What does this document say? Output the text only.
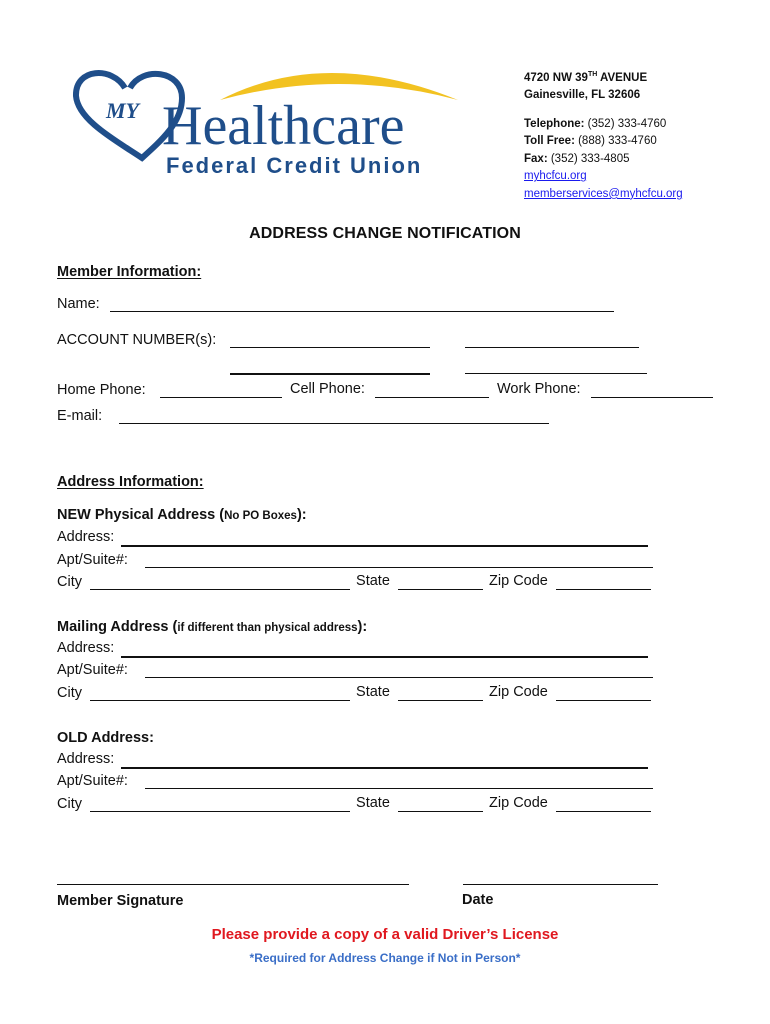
MY Healthcare
Federal Credit Union
4720 NW 39TH AVENUE
Gainesville, FL 32606
Telephone: (352) 333-4760
Toll Free: (888) 333-4760
Fax: (352) 333-4805
myhcfcu.org
memberservices@myhcfcu.org
ADDRESS CHANGE NOTIFICATION
Member Information:
Name:
ACCOUNT NUMBER(s):
Home Phone:	Cell Phone:	Work Phone:
E-mail:
Address Information:
NEW Physical Address (No PO Boxes):
Address:
Apt/Suite#:
City	State	Zip Code
Mailing Address (if different than physical address):
Address:
Apt/Suite#:
City	State	Zip Code
OLD Address:
Address:
Apt/Suite#:
City	State	Zip Code
Member Signature	Date
Please provide a copy of a valid Driver’s License
*Required for Address Change if Not in Person*
